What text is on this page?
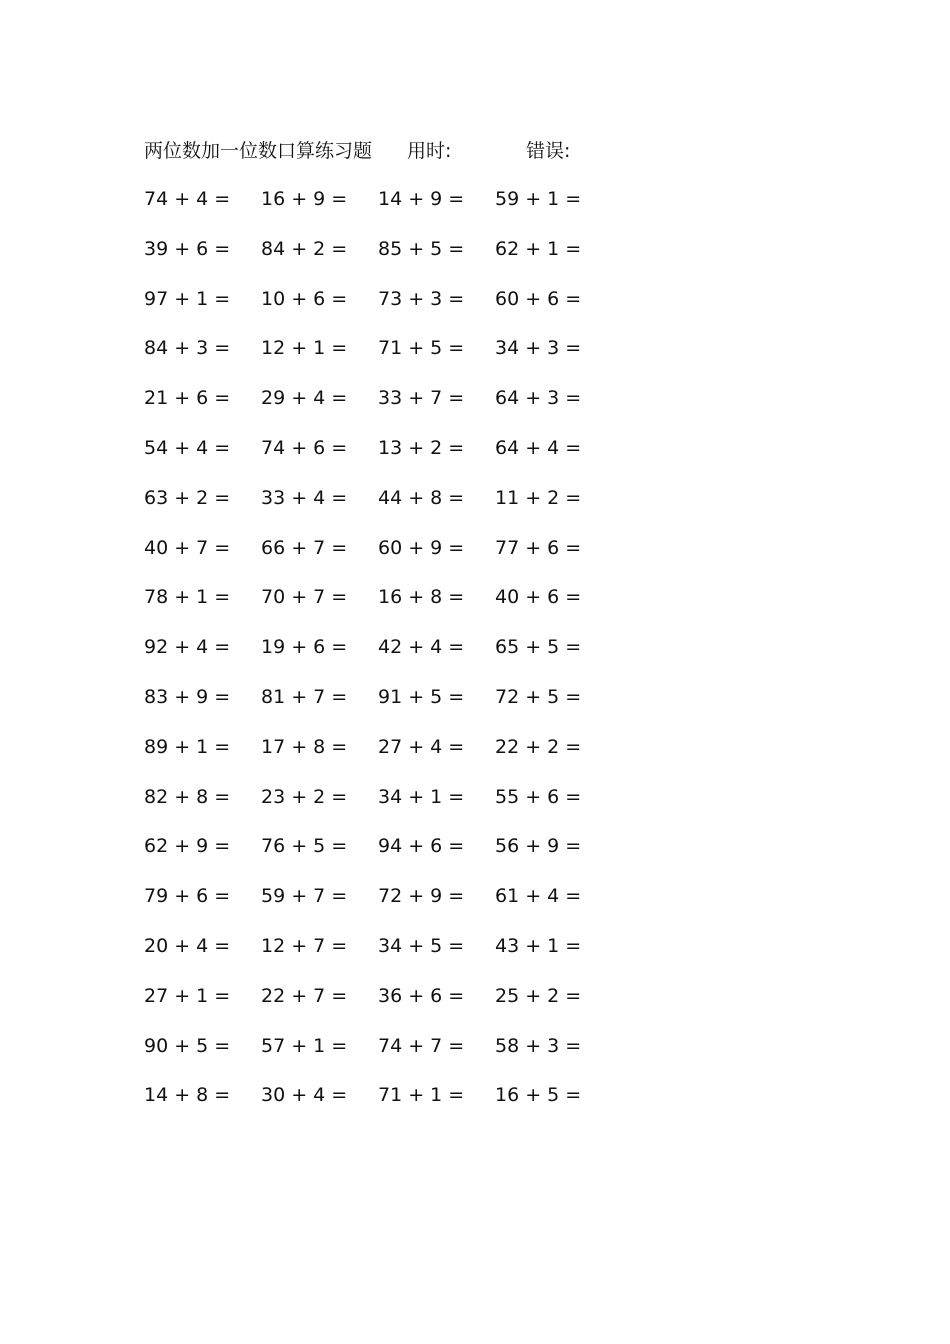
两位数加一位数口算练习题 用时:	错误:
74 + 4 = 16 + 9 = 14 + 9 = 59 + 1 =
39 + 6 = 84 + 2 = 85 + 5 = 62 + 1 =
97 + 1 = 10 + 6 = 73 + 3 = 60 + 6 =
84 + 3 = 12 + 1 = 71 + 5 = 34 + 3 =
21 + 6 = 29 + 4 = 33 + 7 = 64 + 3 =
54 + 4 = 74 + 6 = 13 + 2 = 64 + 4 =
63 + 2 = 33 + 4 = 44 + 8 = 11 + 2 =
40 + 7 = 66 + 7 = 60 + 9 = 77 + 6 =
78 + 1 = 70 + 7 = 16 + 8 = 40 + 6 =
92 + 4 = 19 + 6 = 42 + 4 = 65 + 5 =
83 + 9 = 81 + 7 = 91 + 5 = 72 + 5 =
89 + 1 = 17 + 8 = 27 + 4 = 22 + 2 =
82 + 8 = 23 + 2 = 34 + 1 = 55 + 6 =
62 + 9 = 76 + 5 = 94 + 6 = 56 + 9 =
79 + 6 = 59 + 7 = 72 + 9 = 61 + 4 =
20 + 4 = 12 + 7 = 34 + 5 = 43 + 1 =
27 + 1 = 22 + 7 = 36 + 6 = 25 + 2 =
90 + 5 = 57 + 1 = 74 + 7 = 58 + 3 =
14 + 8 = 30 + 4 = 71 + 1 = 16 + 5 =
